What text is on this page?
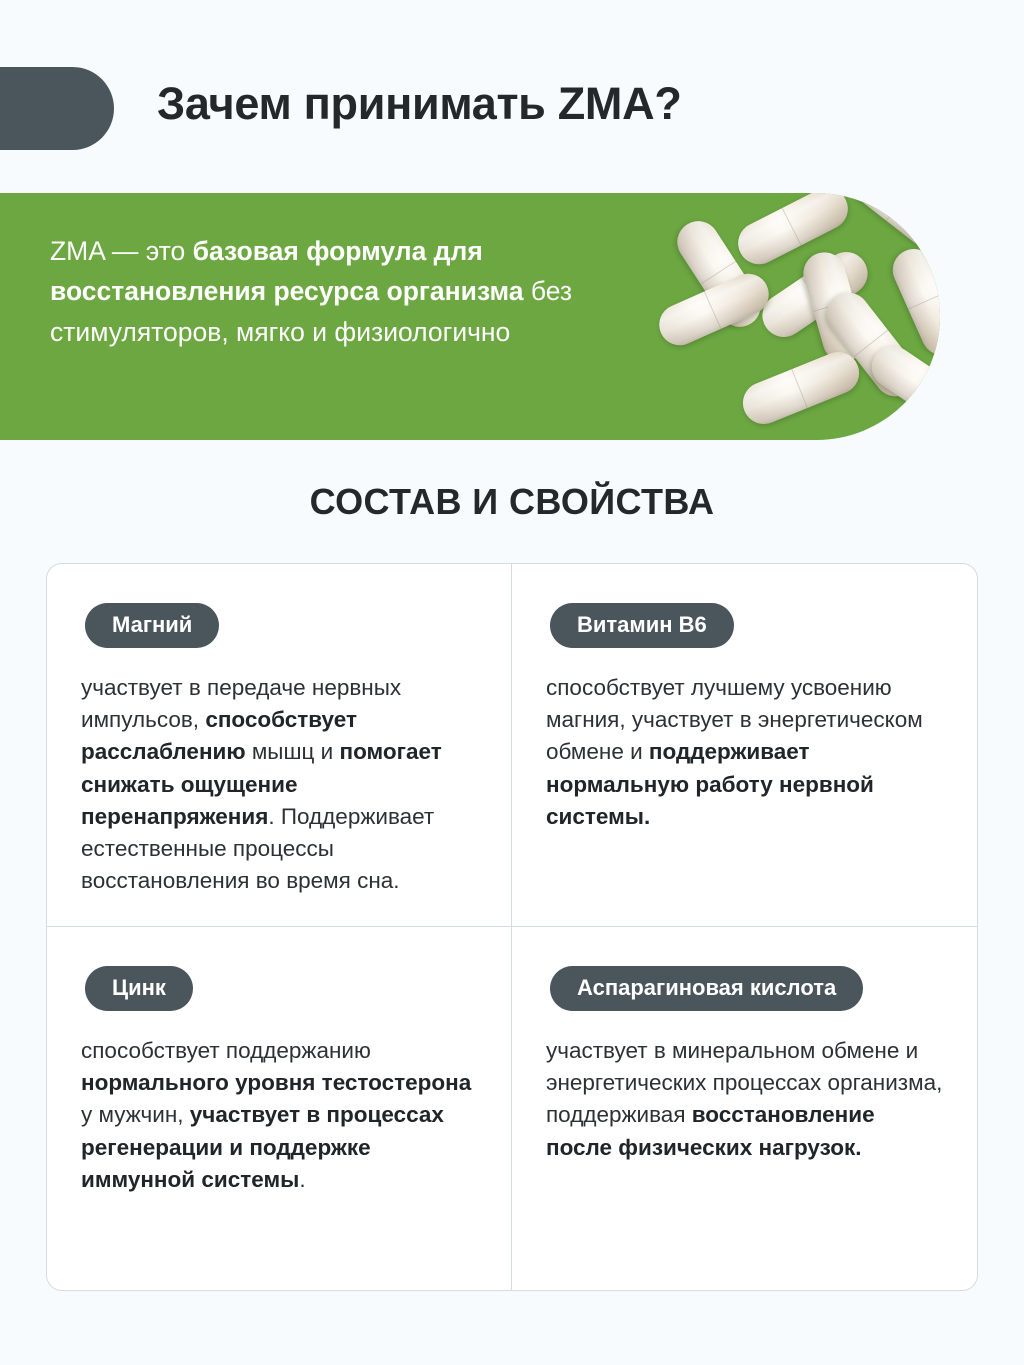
Зачем принимать ZMA?
ZMA — это базовая формула для восстановления ресурса организма без стимуляторов, мягко и физиологично
СОСТАВ И СВОЙСТВА
Магний
участвует в передаче нервных импульсов, способствует расслаблению мышц и помогает снижать ощущение перенапряжения. Поддерживает естественные процессы восстановления во время сна.
Витамин B6
способствует лучшему усвоению магния, участвует в энергетическом обмене и поддерживает нормальную работу нервной системы.
Цинк
способствует поддержанию нормального уровня тестостерона у мужчин, участвует в процессах регенерации и поддержке иммунной системы.
Аспарагиновая кислота
участвует в минеральном обмене и энергетических процессах организма, поддерживая восстановление после физических нагрузок.
